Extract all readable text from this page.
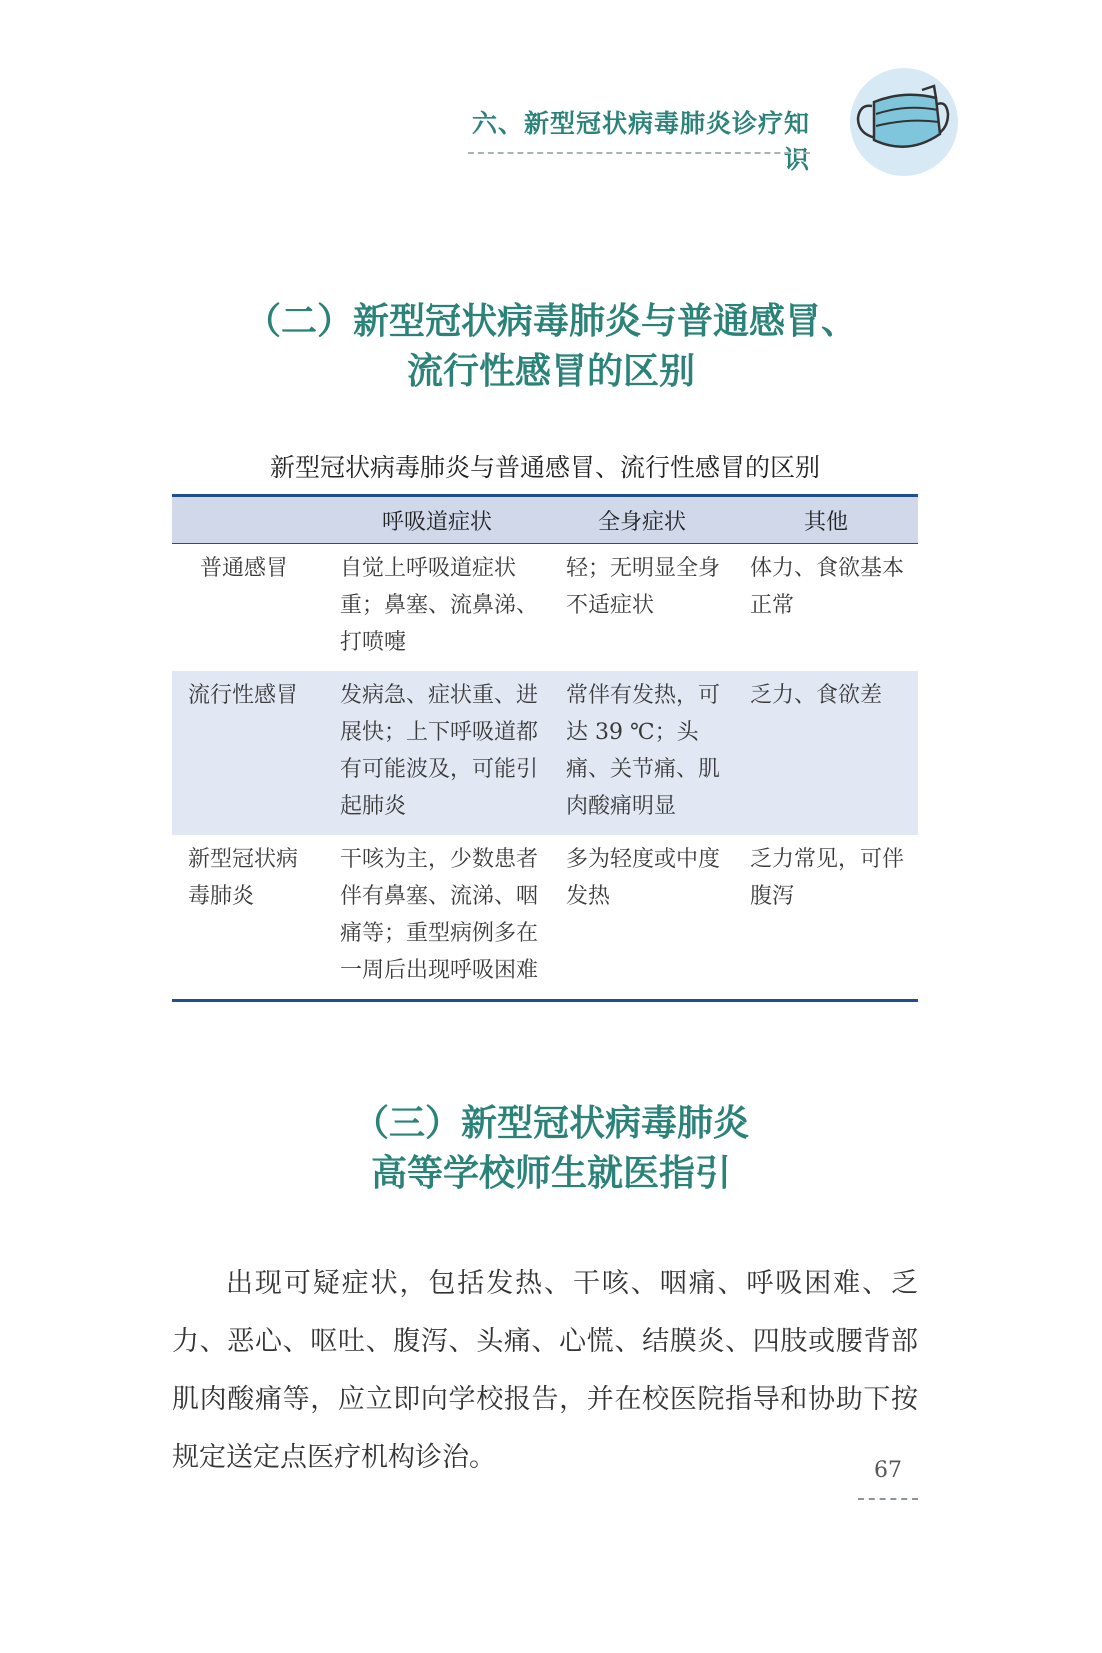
六、新型冠状病毒肺炎诊疗知识
（二）新型冠状病毒肺炎与普通感冒、
流行性感冒的区别
新型冠状病毒肺炎与普通感冒、流行性感冒的区别
	呼吸道症状	全身症状	其他
普通感冒	自觉上呼吸道症状重；鼻塞、流鼻涕、打喷嚏	轻；无明显全身不适症状	体力、食欲基本正常
流行性感冒	发病急、症状重、进展快；上下呼吸道都有可能波及，可能引起肺炎	常伴有发热，可达 39 ℃；头痛、关节痛、肌肉酸痛明显	乏力、食欲差
新型冠状病毒肺炎	干咳为主，少数患者伴有鼻塞、流涕、咽痛等；重型病例多在一周后出现呼吸困难	多为轻度或中度发热	乏力常见，可伴腹泻
（三）新型冠状病毒肺炎
高等学校师生就医指引

出现可疑症状，包括发热、干咳、咽痛、呼吸困难、乏力、恶心、呕吐、腹泻、头痛、心慌、结膜炎、四肢或腰背部肌肉酸痛等，应立即向学校报告，并在校医院指导和协助下按规定送定点医疗机构诊治。	67
